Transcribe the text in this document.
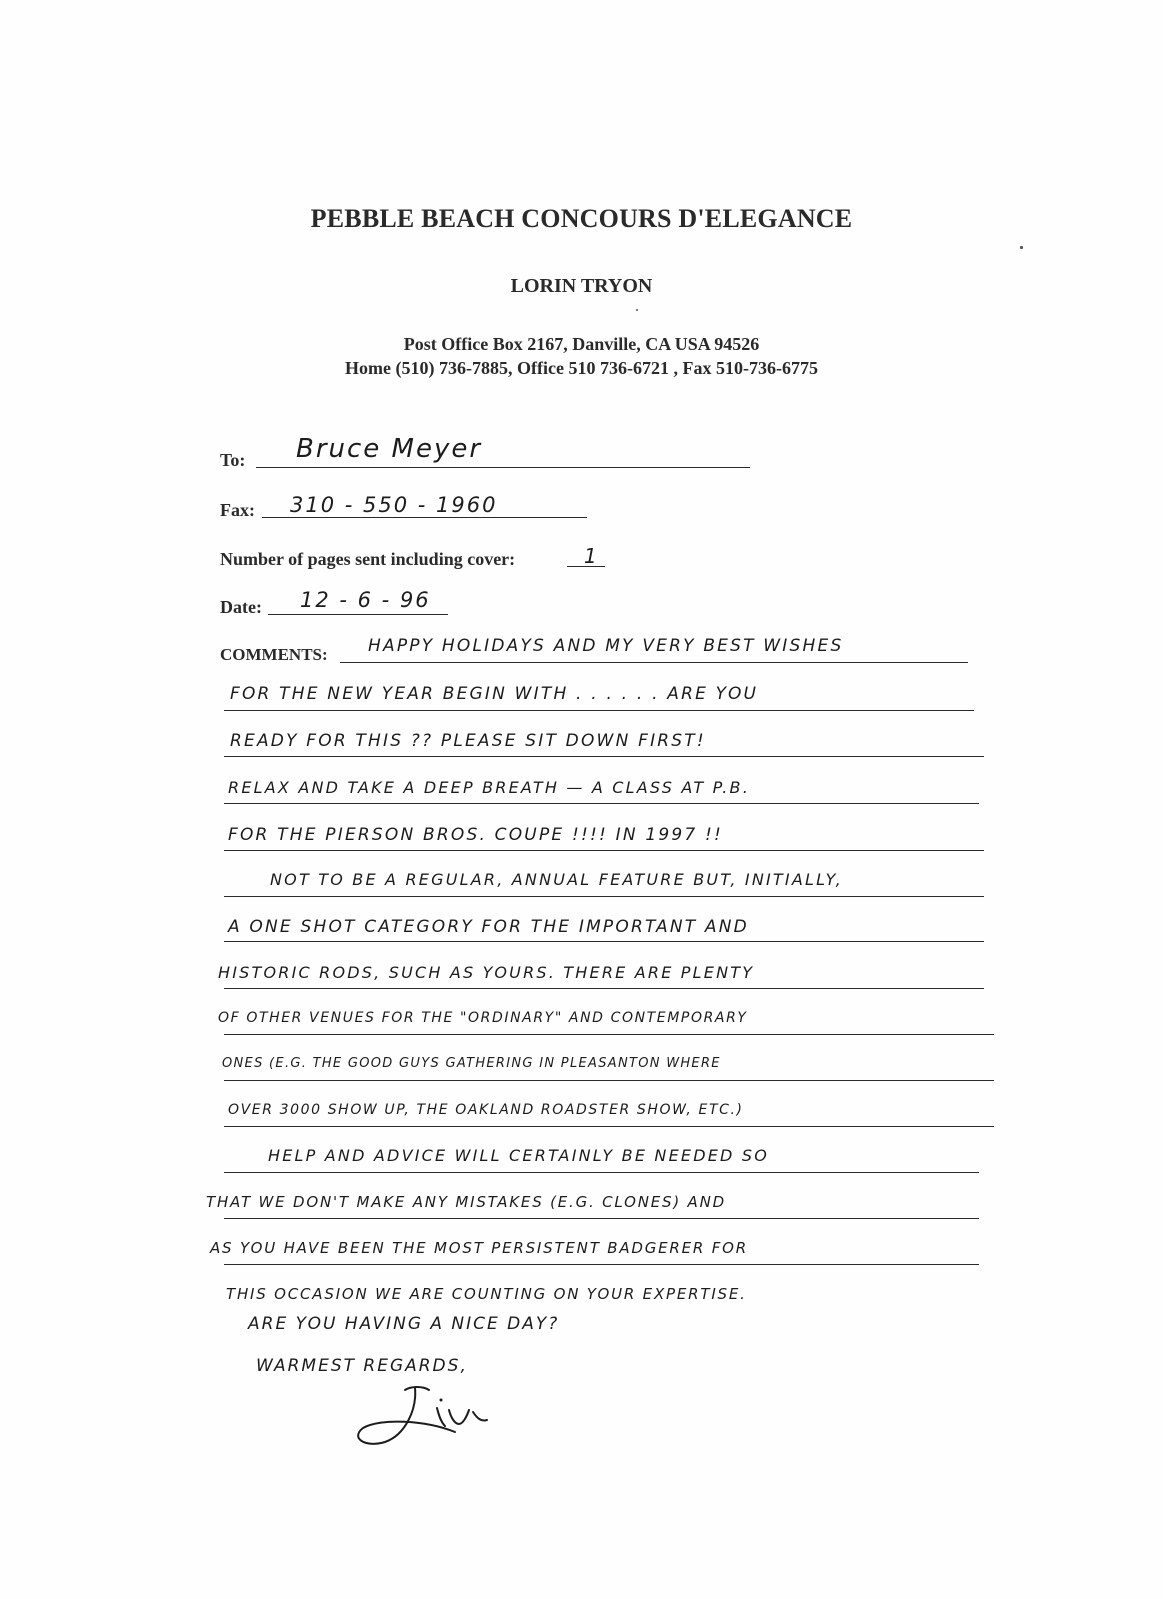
PEBBLE BEACH CONCOURS D'ELEGANCE
LORIN TRYON
Post Office Box 2167, Danville, CA USA 94526
Home (510) 736-7885, Office 510 736-6721 , Fax 510-736-6775
To: Bruce Meyer
Fax: 310 - 550 - 1960
Number of pages sent including cover:	1
Date: 12 - 6 - 96
COMMENTS: HAPPY HOLIDAYS AND MY VERY BEST WISHES
FOR THE NEW YEAR BEGIN WITH . . . . . . ARE YOU
READY FOR THIS ?? PLEASE SIT DOWN FIRST!
RELAX AND TAKE A DEEP BREATH — A CLASS AT P.B.
FOR THE PIERSON BROS. COUPE !!!! IN 1997 !!
NOT TO BE A REGULAR, ANNUAL FEATURE BUT, INITIALLY,
A ONE SHOT CATEGORY FOR THE IMPORTANT AND
HISTORIC RODS, SUCH AS YOURS. THERE ARE PLENTY
OF OTHER VENUES FOR THE "ORDINARY" AND CONTEMPORARY
ONES (E.G. THE GOOD GUYS GATHERING IN PLEASANTON WHERE
OVER 3000 SHOW UP, THE OAKLAND ROADSTER SHOW, ETC.)
HELP AND ADVICE WILL CERTAINLY BE NEEDED SO
THAT WE DON'T MAKE ANY MISTAKES (E.G. CLONES) AND
AS YOU HAVE BEEN THE MOST PERSISTENT BADGERER FOR
THIS OCCASION WE ARE COUNTING ON YOUR EXPERTISE.
ARE YOU HAVING A NICE DAY?
WARMEST REGARDS,
